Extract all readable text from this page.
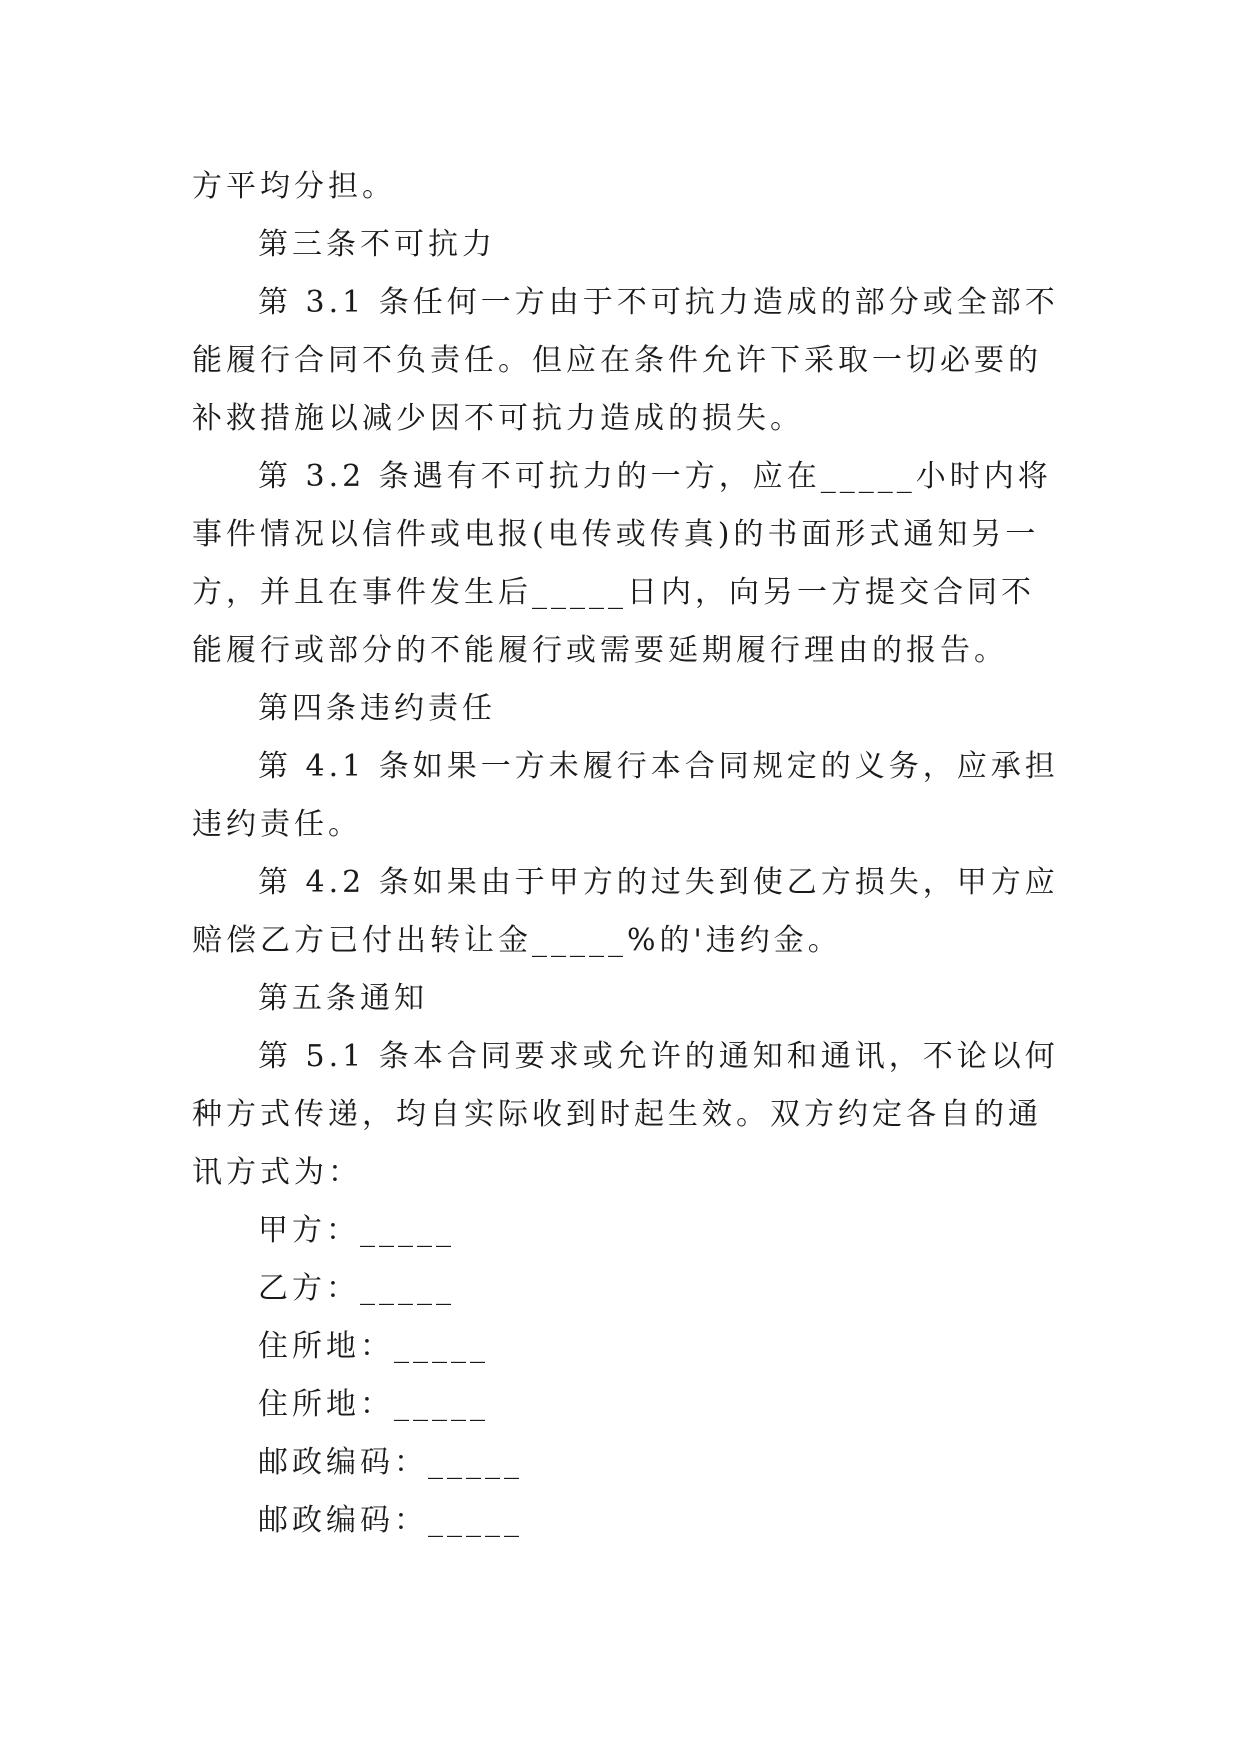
方平均分担。

第三条不可抗力

第 3.1 条任何一方由于不可抗力造成的部分或全部不能履行合同不负责任。但应在条件允许下采取一切必要的补救措施以减少因不可抗力造成的损失。

第 3.2 条遇有不可抗力的一方，应在_____小时内将事件情况以信件或电报(电传或传真)的书面形式通知另一方，并且在事件发生后_____日内，向另一方提交合同不能履行或部分的不能履行或需要延期履行理由的报告。

第四条违约责任

第 4.1 条如果一方未履行本合同规定的义务，应承担违约责任。

第 4.2 条如果由于甲方的过失到使乙方损失，甲方应赔偿乙方已付出转让金_____%的'违约金。

第五条通知

第 5.1 条本合同要求或允许的通知和通讯，不论以何种方式传递，均自实际收到时起生效。双方约定各自的通讯方式为：

甲方：_____

乙方：_____

住所地：_____

住所地：_____

邮政编码：_____

邮政编码：_____
